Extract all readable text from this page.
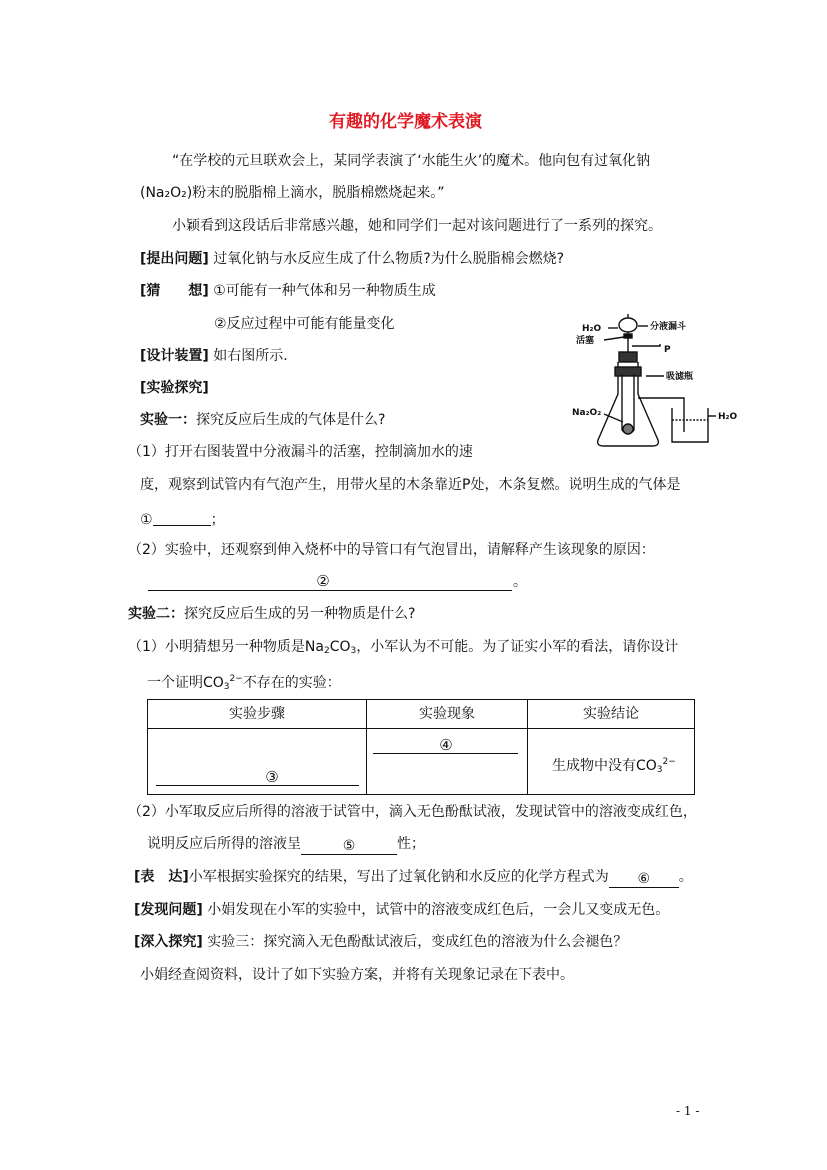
有趣的化学魔术表演
“在学校的元旦联欢会上，某同学表演了‘水能生火’的魔术。他向包有过氧化钠
(Na₂O₂)粉末的脱脂棉上滴水，脱脂棉燃烧起来。”
小颖看到这段话后非常感兴趣，她和同学们一起对该问题进行了一系列的探究。
[提出问题] 过氧化钠与水反应生成了什么物质?为什么脱脂棉会燃烧?
[猜　　想] ①可能有一种气体和另一种物质生成
②反应过程中可能有能量变化
[设计装置] 如右图所示.
[实验探究]
实验一：探究反应后生成的气体是什么?
（1）打开右图装置中分液漏斗的活塞，控制滴加水的速
度，观察到试管内有气泡产生，用带火星的木条靠近P处，木条复燃。说明生成的气体是
①	；
（2）实验中，还观察到伸入烧杯中的导管口有气泡冒出，请解释产生该现象的原因：
②	。
实验二：探究反应后生成的另一种物质是什么?
（1）小明猜想另一种物质是$Na_2CO_3$，小军认为不可能。为了证实小军的看法，请你设计
一个证明$CO_3^{2-}$不存在的实验：
实验步骤	实验现象	实验结论

③	④	生成物中没有$CO_3^{2-}$
（2）小军取反应后所得的溶液于试管中，滴入无色酚酞试液，发现试管中的溶液变成红色，
说明反应后所得的溶液呈	⑤	性；
[表　达]小军根据实验探究的结果，写出了过氧化钠和水反应的化学方程式为 ⑥ 。
[发现问题] 小娟发现在小军的实验中，试管中的溶液变成红色后，一会儿又变成无色。
[深入探究] 实验三：探究滴入无色酚酞试液后，变成红色的溶液为什么会褪色？
小娟经查阅资料，设计了如下实验方案，并将有关现象记录在下表中。
- 1 -
H₂O	分液漏斗
活塞
P
吸滤瓶
Na₂O₂	H₂O
